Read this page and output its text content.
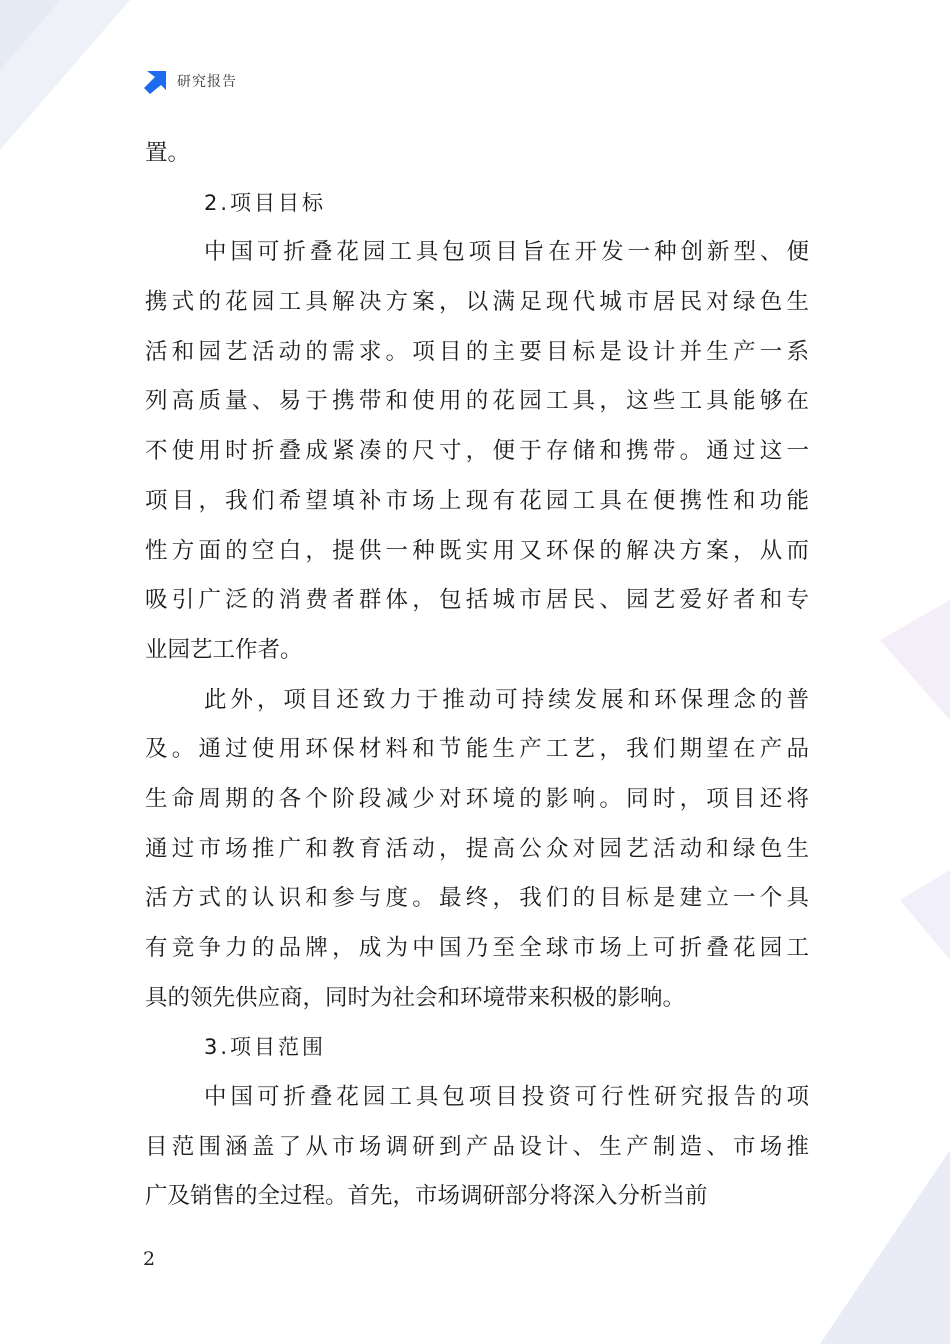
研究报告
置。
2.项目目标
中国可折叠花园工具包项目旨在开发一种创新型、便
携式的花园工具解决方案，以满足现代城市居民对绿色生
活和园艺活动的需求。项目的主要目标是设计并生产一系
列高质量、易于携带和使用的花园工具，这些工具能够在
不使用时折叠成紧凑的尺寸，便于存储和携带。通过这一
项目，我们希望填补市场上现有花园工具在便携性和功能
性方面的空白，提供一种既实用又环保的解决方案，从而
吸引广泛的消费者群体，包括城市居民、园艺爱好者和专
业园艺工作者。
此外，项目还致力于推动可持续发展和环保理念的普
及。通过使用环保材料和节能生产工艺，我们期望在产品
生命周期的各个阶段减少对环境的影响。同时，项目还将
通过市场推广和教育活动，提高公众对园艺活动和绿色生
活方式的认识和参与度。最终，我们的目标是建立一个具
有竞争力的品牌，成为中国乃至全球市场上可折叠花园工
具的领先供应商，同时为社会和环境带来积极的影响。
3.项目范围
中国可折叠花园工具包项目投资可行性研究报告的项
目范围涵盖了从市场调研到产品设计、生产制造、市场推
广及销售的全过程。首先，市场调研部分将深入分析当前
2
